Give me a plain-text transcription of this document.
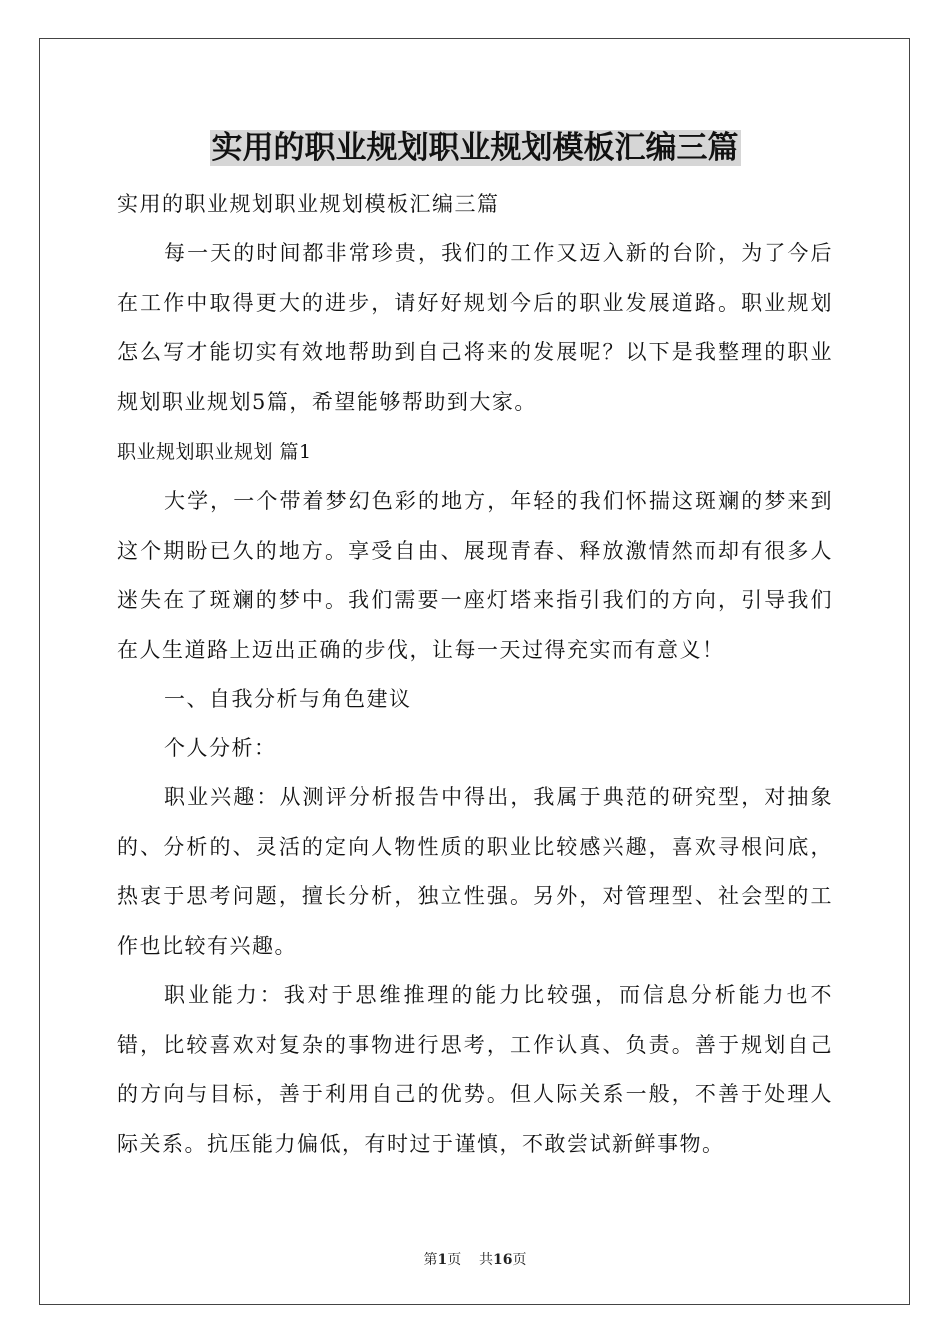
实用的职业规划职业规划模板汇编三篇

实用的职业规划职业规划模板汇编三篇

每一天的时间都非常珍贵，我们的工作又迈入新的台阶，为了今后在工作中取得更大的进步，请好好规划今后的职业发展道路。职业规划怎么写才能切实有效地帮助到自己将来的发展呢？以下是我整理的职业规划职业规划5篇，希望能够帮助到大家。

职业规划职业规划 篇1

大学，一个带着梦幻色彩的地方，年轻的我们怀揣这斑斓的梦来到这个期盼已久的地方。享受自由、展现青春、释放激情然而却有很多人迷失在了斑斓的梦中。我们需要一座灯塔来指引我们的方向，引导我们在人生道路上迈出正确的步伐，让每一天过得充实而有意义！

一、自我分析与角色建议

个人分析：

职业兴趣：从测评分析报告中得出，我属于典范的研究型，对抽象的、分析的、灵活的定向人物性质的职业比较感兴趣，喜欢寻根问底，热衷于思考问题，擅长分析，独立性强。另外，对管理型、社会型的工作也比较有兴趣。

职业能力：我对于思维推理的能力比较强，而信息分析能力也不错，比较喜欢对复杂的事物进行思考，工作认真、负责。善于规划自己的方向与目标，善于利用自己的优势。但人际关系一般，不善于处理人际关系。抗压能力偏低，有时过于谨慎，不敢尝试新鲜事物。

第1页 共16页
